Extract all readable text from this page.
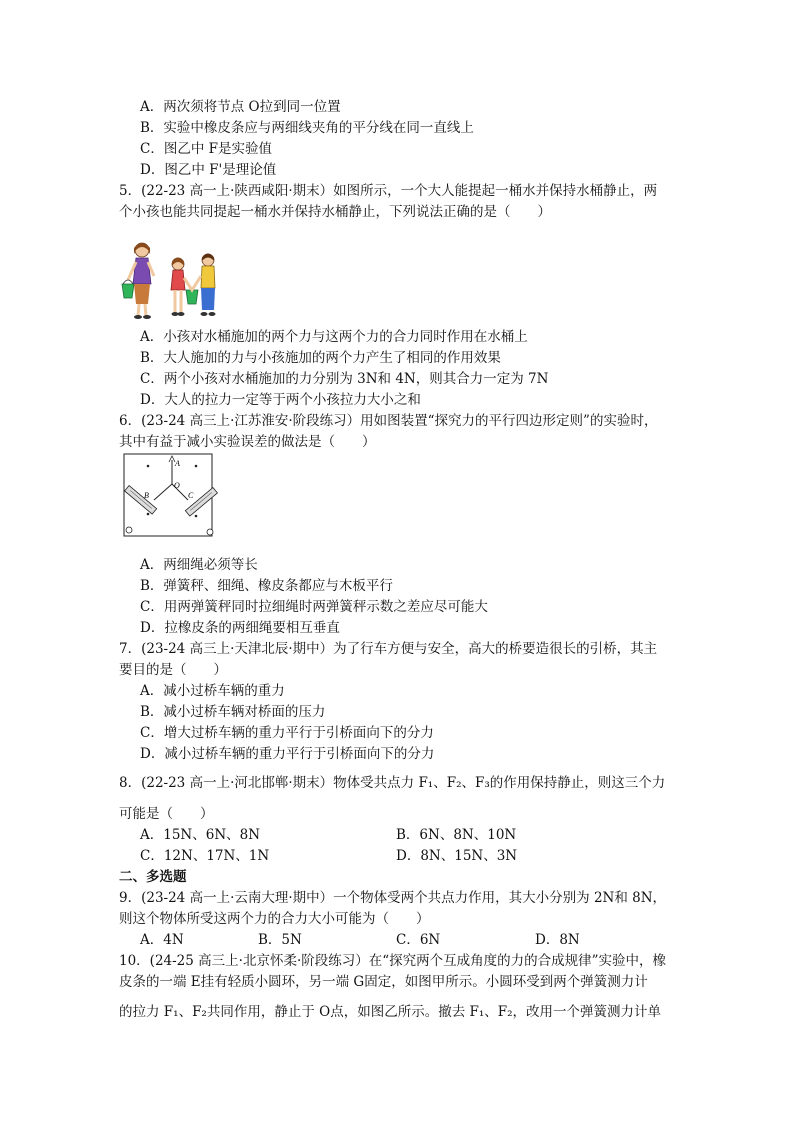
A．两次须将节点 O拉到同一位置
B．实验中橡皮条应与两细线夹角的平分线在同一直线上
C．图乙中 F是实验值
D．图乙中 F'是理论值
5．(22-23 高一上·陕西咸阳·期末）如图所示，一个大人能提起一桶水并保持水桶静止，两
个小孩也能共同提起一桶水并保持水桶静止，下列说法正确的是（　　）
A．小孩对水桶施加的两个力与这两个力的合力同时作用在水桶上
B．大人施加的力与小孩施加的两个力产生了相同的作用效果
C．两个小孩对水桶施加的力分别为 3N和 4N，则其合力一定为 7N
D．大人的拉力一定等于两个小孩拉力大小之和
6．(23-24 高三上·江苏淮安·阶段练习）用如图装置“探究力的平行四边形定则”的实验时，
其中有益于减小实验误差的做法是（　　）
A
O
B	C
A．两细绳必须等长
B．弹簧秤、细绳、橡皮条都应与木板平行
C．用两弹簧秤同时拉细绳时两弹簧秤示数之差应尽可能大
D．拉橡皮条的两细绳要相互垂直
7．(23-24 高三上·天津北辰·期中）为了行车方便与安全，高大的桥要造很长的引桥，其主
要目的是（　　）
A．减小过桥车辆的重力
B．减小过桥车辆对桥面的压力
C．增大过桥车辆的重力平行于引桥面向下的分力
D．减小过桥车辆的重力平行于引桥面向下的分力
8．(22-23 高一上·河北邯郸·期末）物体受共点力 F₁、F₂、F₃的作用保持静止，则这三个力
可能是（　　）
A．15N、6N、8N	B．6N、8N、10N
C．12N、17N、1N	D．8N、15N、3N
二、多选题
9．(23-24 高一上·云南大理·期中）一个物体受两个共点力作用，其大小分别为 2N和 8N，
则这个物体所受这两个力的合力大小可能为（　　）
A．4N	B．5N	C．6N	D．8N
10．(24-25 高三上·北京怀柔·阶段练习）在“探究两个互成角度的力的合成规律”实验中，橡
皮条的一端 E挂有轻质小圆环，另一端 G固定，如图甲所示。小圆环受到两个弹簧测力计
的拉力 F₁、F₂共同作用，静止于 O点，如图乙所示。撤去 F₁、F₂，改用一个弹簧测力计单
